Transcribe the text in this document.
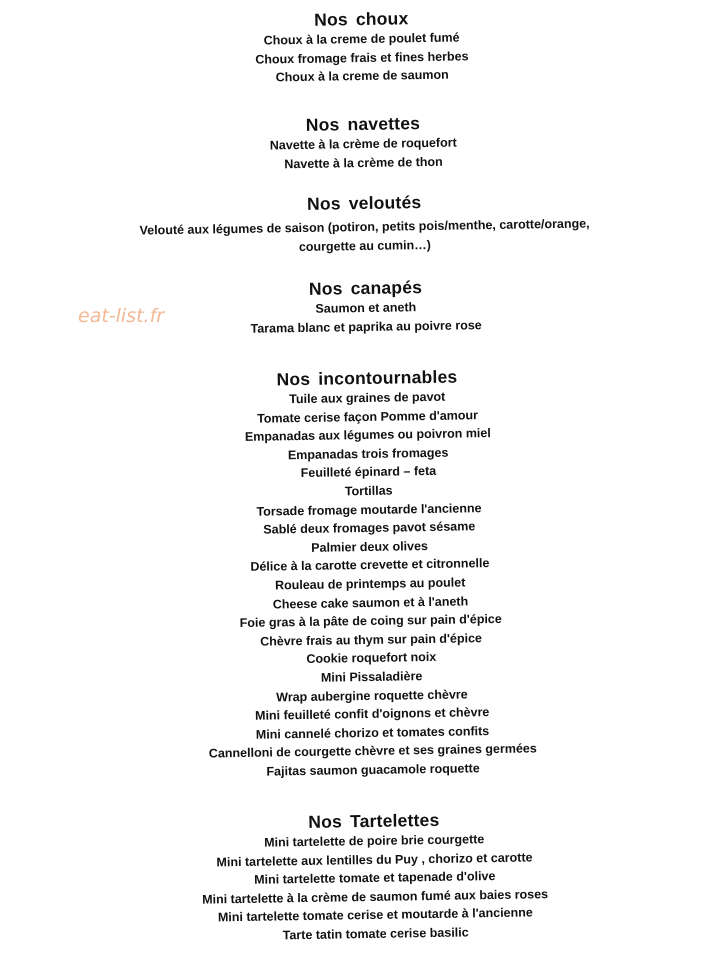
Nos choux
Choux à la creme de poulet fumé
Choux fromage frais et fines herbes
Choux à la creme de saumon
Nos navettes
Navette à la crème de roquefort
Navette à la crème de thon
Nos veloutés
Velouté aux légumes de saison (potiron, petits pois/menthe, carotte/orange,
courgette au cumin…)
Nos canapés
Saumon et aneth
Tarama blanc et paprika au poivre rose
Nos incontournables
Tuile aux graines de pavot
Tomate cerise façon Pomme d'amour
Empanadas aux légumes ou poivron miel
Empanadas trois fromages
Feuilleté épinard – feta
Tortillas
Torsade fromage moutarde l'ancienne
Sablé deux fromages pavot sésame
Palmier deux olives
Délice à la carotte crevette et citronnelle
Rouleau de printemps au poulet
Cheese cake saumon et à l'aneth
Foie gras à la pâte de coing sur pain d'épice
Chèvre frais au thym sur pain d'épice
Cookie roquefort noix
Mini Pissaladière
Wrap aubergine roquette chèvre
Mini feuilleté confit d'oignons et chèvre
Mini cannelé chorizo et tomates confits
Cannelloni de courgette chèvre et ses graines germées
Fajitas saumon guacamole roquette
Nos Tartelettes
Mini tartelette de poire brie courgette
Mini tartelette aux lentilles du Puy , chorizo et carotte
Mini tartelette tomate et tapenade d'olive
Mini tartelette à la crème de saumon fumé aux baies roses
Mini tartelette tomate cerise et moutarde à l'ancienne
Tarte tatin tomate cerise basilic
eat-list.fr
